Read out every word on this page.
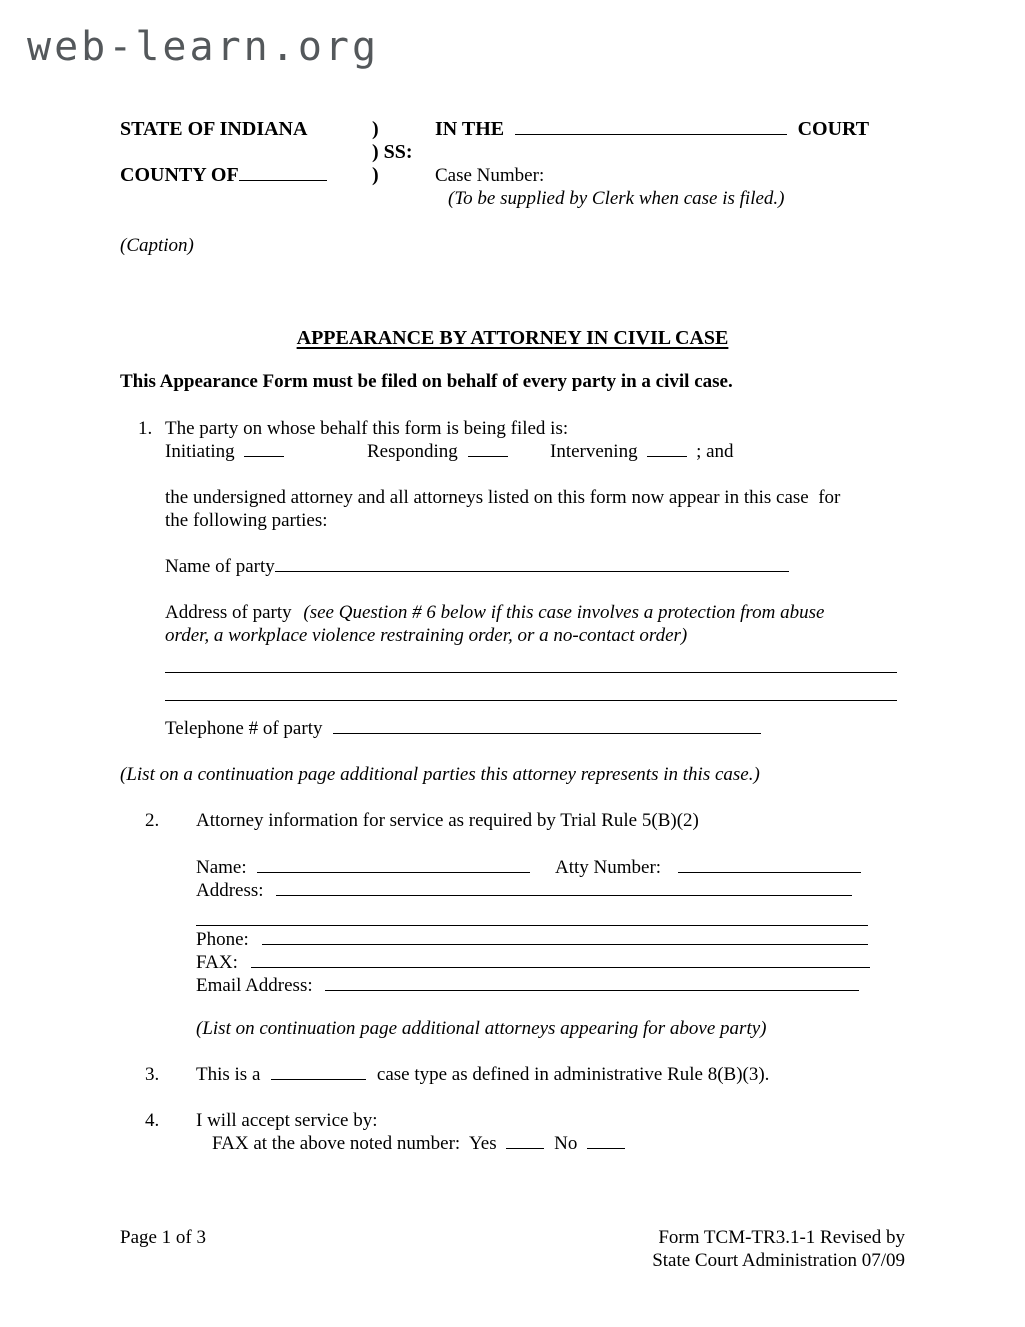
web-learn.org
STATE OF INDIANA	)	IN THE	COURT
) SS:
COUNTY OF	)	Case Number:
(To be supplied by Clerk when case is filed.)
(Caption)
APPEARANCE BY ATTORNEY IN CIVIL CASE
This Appearance Form must be filed on behalf of every party in a civil case.
1. The party on whose behalf this form is being filed is:
Initiating	Responding	Intervening	; and
the undersigned attorney and all attorneys listed on this form now appear in this case  for
the following parties:
Name of party
Address of party (see Question # 6 below if this case involves a protection from abuse
order, a workplace violence restraining order, or a no-contact order)
Telephone # of party
(List on a continuation page additional parties this attorney represents in this case.)
2. Attorney information for service as required by Trial Rule 5(B)(2)
Name:	Atty Number:
Address:
Phone:
FAX:
Email Address:
(List on continuation page additional attorneys appearing for above party)
3. This is a	case type as defined in administrative Rule 8(B)(3).
4. I will accept service by:
FAX at the above noted number:  Yes	No
Page 1 of 3	Form TCM-TR3.1-1 Revised by
State Court Administration 07/09
